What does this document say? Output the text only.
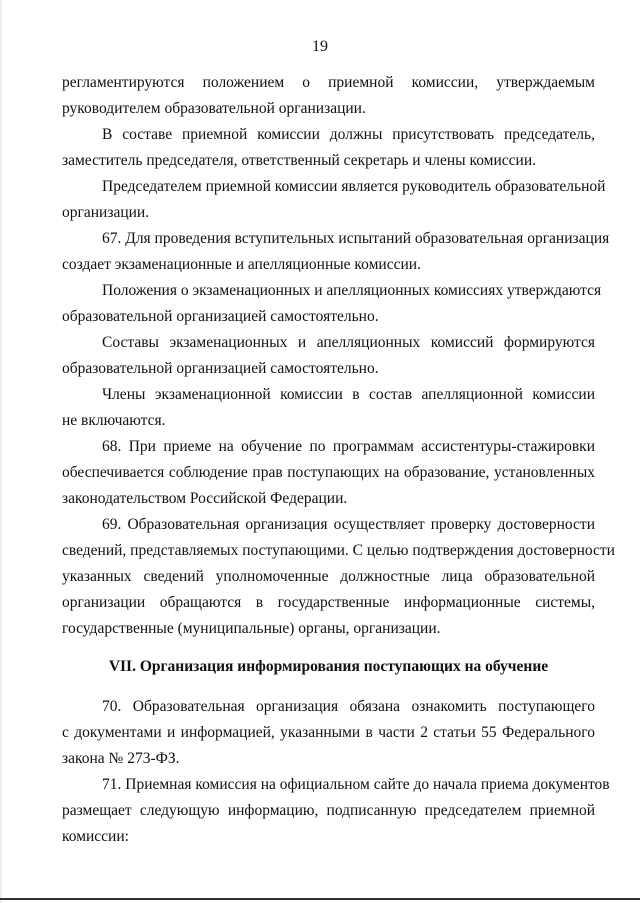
19
регламентируются положением о приемной комиссии, утверждаемым
руководителем образовательной организации.
В составе приемной комиссии должны присутствовать председатель,
заместитель председателя, ответственный секретарь и члены комиссии.
Председателем приемной комиссии является руководитель образовательной
организации.
67. Для проведения вступительных испытаний образовательная организация
создает экзаменационные и апелляционные комиссии.
Положения о экзаменационных и апелляционных комиссиях утверждаются
образовательной организацией самостоятельно.
Составы экзаменационных и апелляционных комиссий формируются
образовательной организацией самостоятельно.
Члены экзаменационной комиссии в состав апелляционной комиссии
не включаются.
68. При приеме на обучение по программам ассистентуры-стажировки
обеспечивается соблюдение прав поступающих на образование, установленных
законодательством Российской Федерации.
69. Образовательная организация осуществляет проверку достоверности
сведений, представляемых поступающими. С целью подтверждения достоверности
указанных сведений уполномоченные должностные лица образовательной
организации обращаются в государственные информационные системы,
государственные (муниципальные) органы, организации.
VII. Организация информирования поступающих на обучение
70. Образовательная организация обязана ознакомить поступающего
с документами и информацией, указанными в части 2 статьи 55 Федерального
закона № 273-ФЗ.
71. Приемная комиссия на официальном сайте до начала приема документов
размещает следующую информацию, подписанную председателем приемной
комиссии:
